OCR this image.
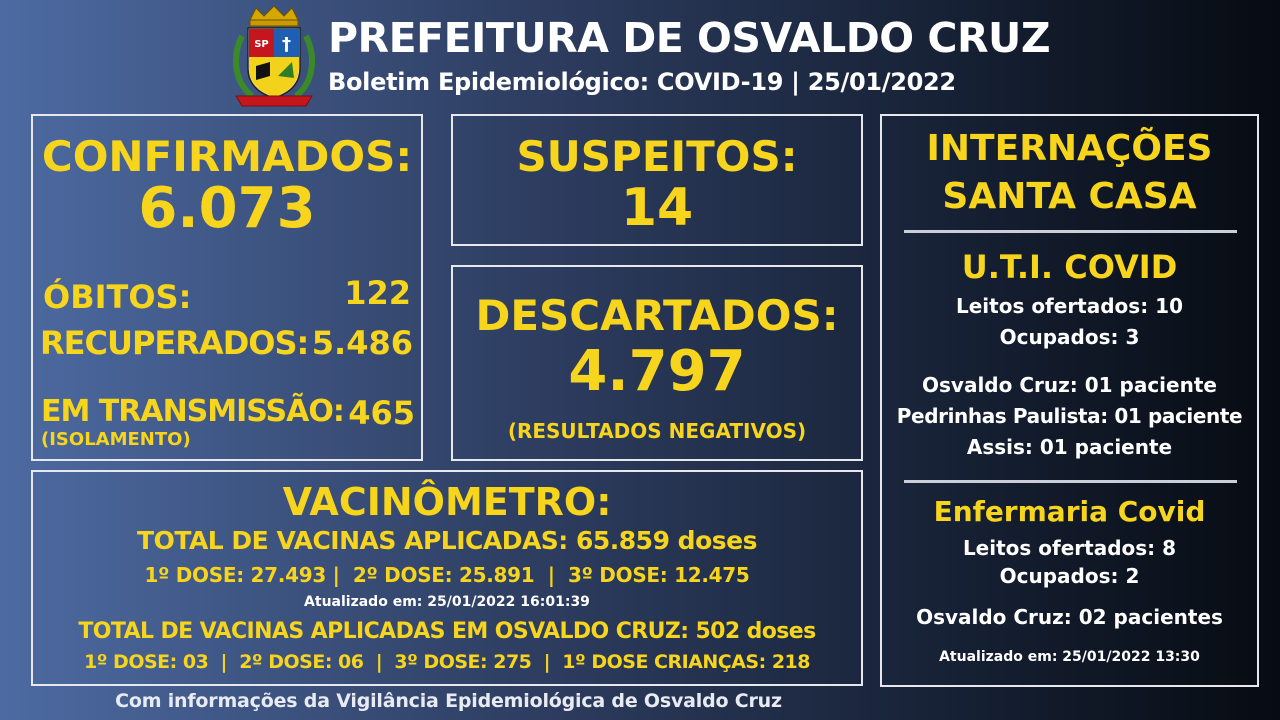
SP † PREFEITURA DE OSVALDO CRUZ
Boletim Epidemiológico: COVID-19 | 25/01/2022
CONFIRMADOS:
6.073
ÓBITOS:	122
RECUPERADOS: 5.486
EM TRANSMISSÃO: 465
(ISOLAMENTO)
SUSPEITOS:
14
DESCARTADOS:
4.797
(RESULTADOS NEGATIVOS)
VACINÔMETRO:
TOTAL DE VACINAS APLICADAS: 65.859 doses
1º DOSE: 27.493 |  2º DOSE: 25.891  |  3º DOSE: 12.475
Atualizado em: 25/01/2022 16:01:39
TOTAL DE VACINAS APLICADAS EM OSVALDO CRUZ: 502 doses
1º DOSE: 03  |  2º DOSE: 06  |  3º DOSE: 275  |  1º DOSE CRIANÇAS: 218
INTERNAÇÕES
SANTA CASA
U.T.I. COVID
Leitos ofertados: 10
Ocupados: 3
Osvaldo Cruz: 01 paciente
Pedrinhas Paulista: 01 paciente
Assis: 01 paciente
Enfermaria Covid
Leitos ofertados: 8
Ocupados: 2
Osvaldo Cruz: 02 pacientes
Atualizado em: 25/01/2022 13:30
Com informações da Vigilância Epidemiológica de Osvaldo Cruz
